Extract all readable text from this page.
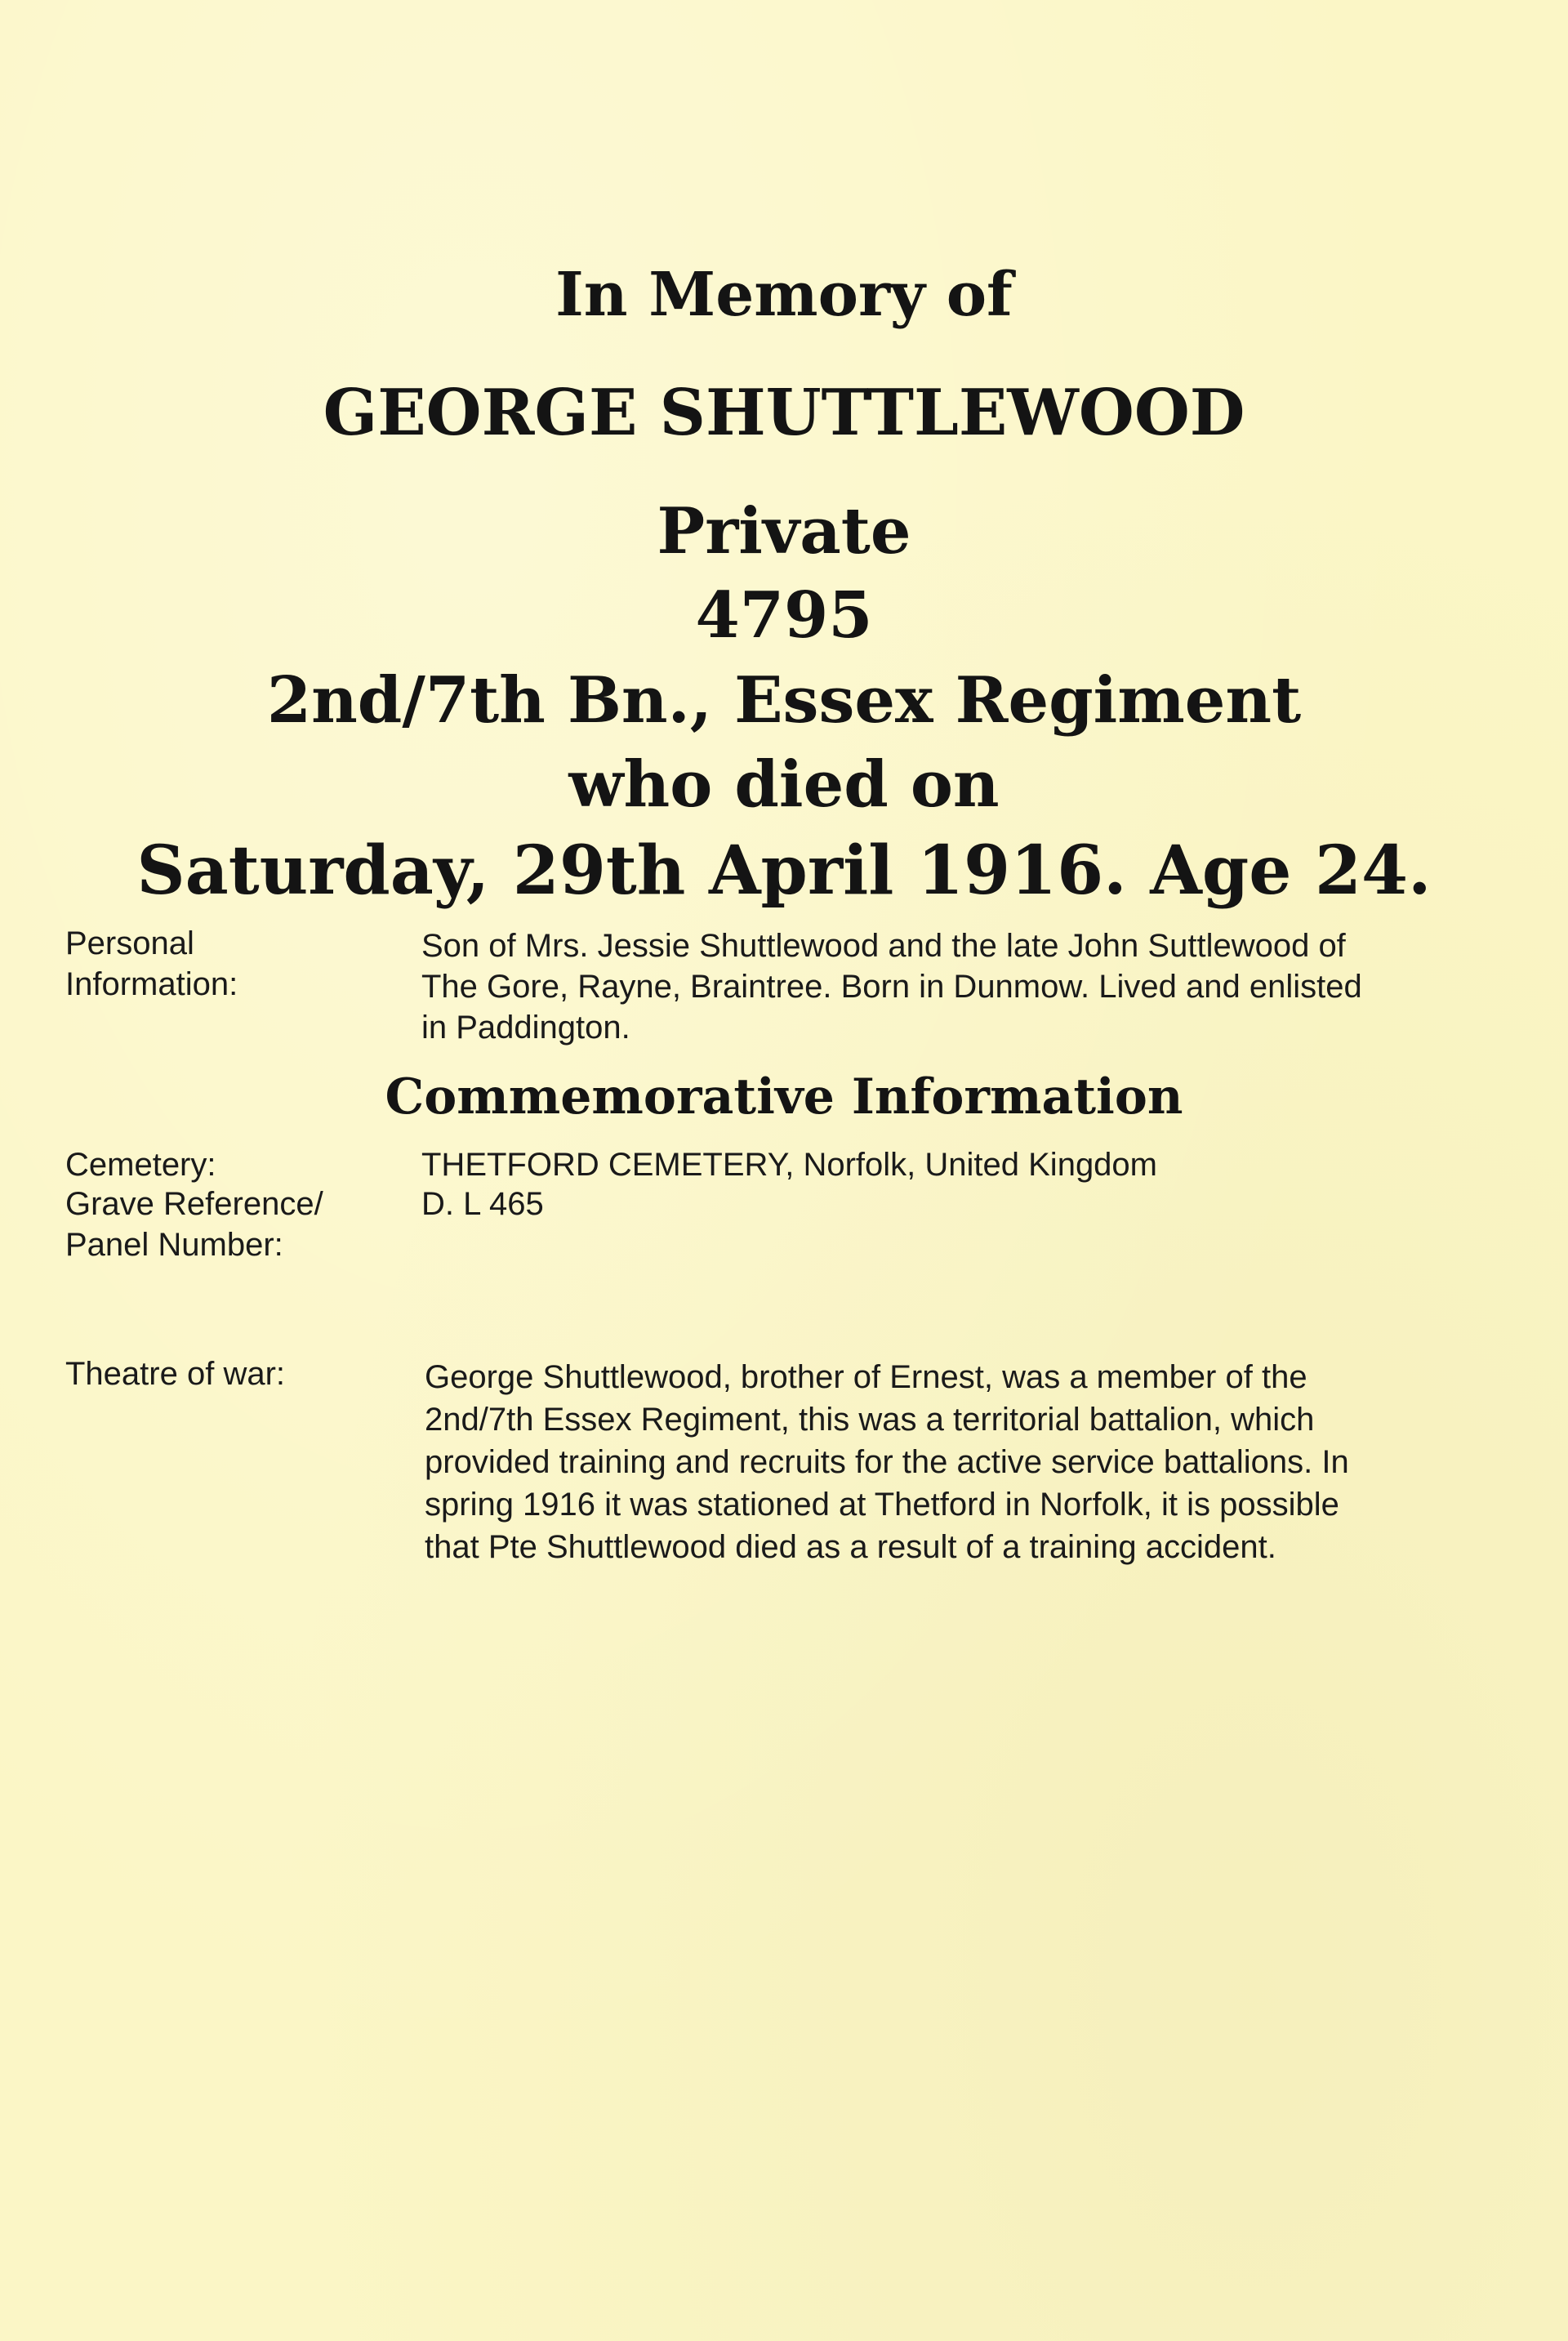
In Memory of
GEORGE SHUTTLEWOOD
Private
4795
2nd/7th Bn., Essex Regiment
who died on
Saturday, 29th April 1916. Age 24.
Personal
Information:
Son of Mrs. Jessie Shuttlewood and the late John Suttlewood of
The Gore, Rayne, Braintree. Born in Dunmow. Lived and enlisted
in Paddington.
Commemorative Information
Cemetery:	THETFORD CEMETERY, Norfolk, United Kingdom
Grave Reference/
Panel Number:
D. L 465
Theatre of war:	George Shuttlewood, brother of Ernest, was a member of the
2nd/7th Essex Regiment, this was a territorial battalion, which
provided training and recruits for the active service battalions. In
spring 1916 it was stationed at Thetford in Norfolk, it is possible
that Pte Shuttlewood died as a result of a training accident.
